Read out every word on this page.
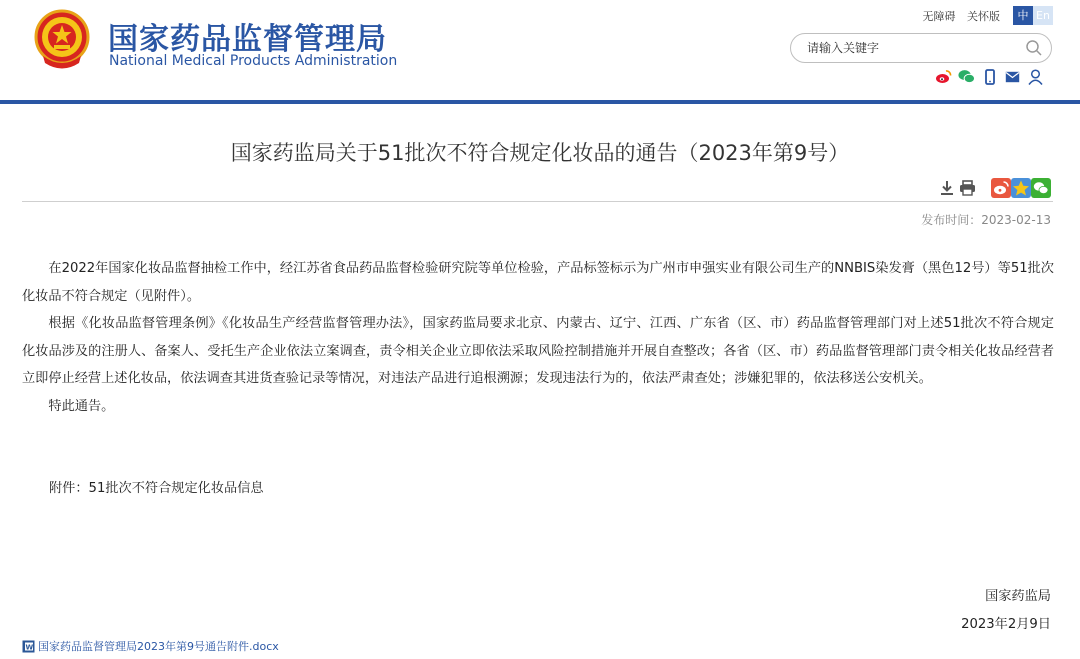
国家药品监督管理局
National Medical Products Administration
无障碍 关怀版	中 En
请输入关键字
国家药监局关于51批次不符合规定化妆品的通告（2023年第9号）
发布时间：2023-02-13

在2022年国家化妆品监督抽检工作中，经江苏省食品药品监督检验研究院等单位检验，产品标签标示为广州市申强实业有限公司生产的NNBIS染发膏（黑色12号）等51批次化妆品不符合规定（见附件）。

根据《化妆品监督管理条例》《化妆品生产经营监督管理办法》，国家药监局要求北京、内蒙古、辽宁、江西、广东省（区、市）药品监督管理部门对上述51批次不符合规定化妆品涉及的注册人、备案人、受托生产企业依法立案调查，责令相关企业立即依法采取风险控制措施并开展自查整改；各省（区、市）药品监督管理部门责令相关化妆品经营者立即停止经营上述化妆品，依法调查其进货查验记录等情况，对违法产品进行追根溯源；发现违法行为的，依法严肃查处；涉嫌犯罪的，依法移送公安机关。

特此通告。

附件：51批次不符合规定化妆品信息
国家药监局
2023年2月9日
W 国家药品监督管理局2023年第9号通告附件.docx
